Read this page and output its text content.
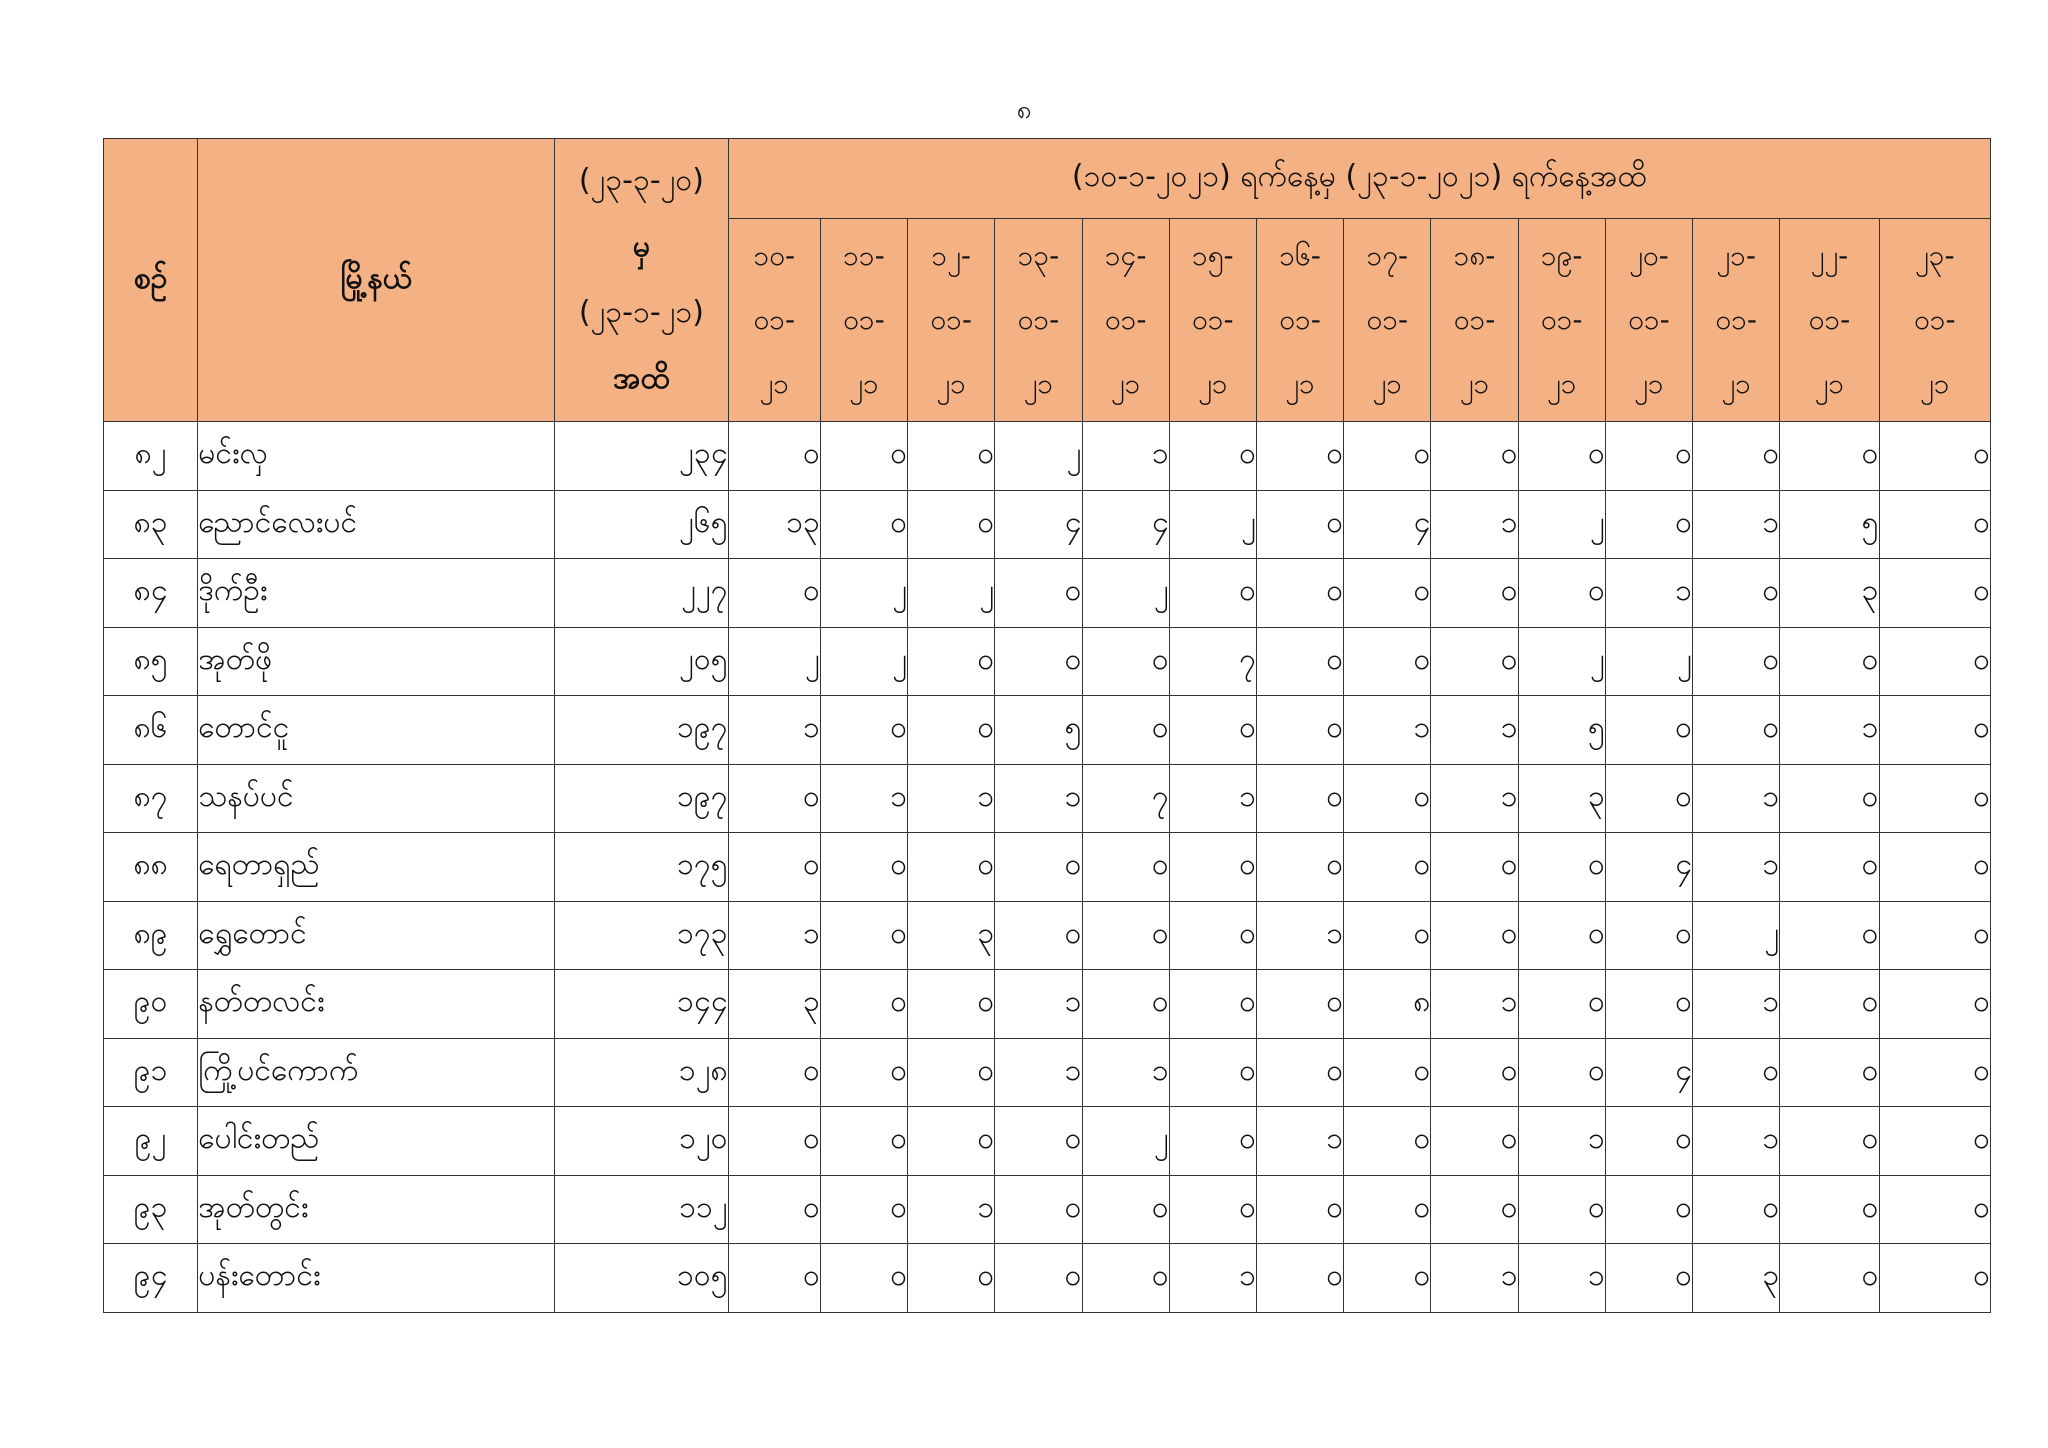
၈
စဉ်	မြို့နယ်	(၂၃-၃-၂၀)
မှ
(၂၃-၁-၂၁)
အထိ	(၁၀-၁-၂၀၂၁) ရက်နေ့မှ (၂၃-၁-၂၀၂၁) ရက်နေ့အထိ													

			၁၀-
၀၁-
၂၁	၁၁-
၀၁-
၂၁	၁၂-
၀၁-
၂၁	၁၃-
၀၁-
၂၁	၁၄-
၀၁-
၂၁	၁၅-
၀၁-
၂၁	၁၆-
၀၁-
၂၁	၁၇-
၀၁-
၂၁	၁၈-
၀၁-
၂၁	၁၉-
၀၁-
၂၁	၂၀-
၀၁-
၂၁	၂၁-
၀၁-
၂၁	၂၂-
၀၁-
၂၁	၂၃-
၀၁-
၂၁

၈၂	မင်းလှ	၂၃၄	၀	၀	၀	၂	၁	၀	၀	၀	၀	၀	၀	၀	၀	၀
၈၃	ညောင်လေးပင်	၂၆၅	၁၃	၀	၀	၄	၄	၂	၀	၄	၁	၂	၀	၁	၅	၀
၈၄	ဒိုက်ဦး	၂၂၇	၀	၂	၂	၀	၂	၀	၀	၀	၀	၀	၁	၀	၃	၀
၈၅	အုတ်ဖို	၂၀၅	၂	၂	၀	၀	၀	၇	၀	၀	၀	၂	၂	၀	၀	၀
၈၆	တောင်ငူ	၁၉၇	၁	၀	၀	၅	၀	၀	၀	၁	၁	၅	၀	၀	၁	၀
၈၇	သနပ်ပင်	၁၉၇	၀	၁	၁	၁	၇	၁	၀	၀	၁	၃	၀	၁	၀	၀
၈၈	ရေတာရှည်	၁၇၅	၀	၀	၀	၀	၀	၀	၀	၀	၀	၀	၄	၁	၀	၀
၈၉	ရွှေတောင်	၁၇၃	၁	၀	၃	၀	၀	၀	၁	၀	၀	၀	၀	၂	၀	၀
၉၀	နတ်တလင်း	၁၄၄	၃	၀	၀	၁	၀	၀	၀	၈	၁	၀	၀	၁	၀	၀
၉၁	ကြို့ပင်ကောက်	၁၂၈	၀	၀	၀	၁	၁	၀	၀	၀	၀	၀	၄	၀	၀	၀
၉၂	ပေါင်းတည်	၁၂၀	၀	၀	၀	၀	၂	၀	၁	၀	၀	၁	၀	၁	၀	၀
၉၃	အုတ်တွင်း	၁၁၂	၀	၀	၁	၀	၀	၀	၀	၀	၀	၀	၀	၀	၀	၀
၉၄	ပန်းတောင်း	၁၀၅	၀	၀	၀	၀	၀	၁	၀	၀	၁	၁	၀	၃	၀	၀
